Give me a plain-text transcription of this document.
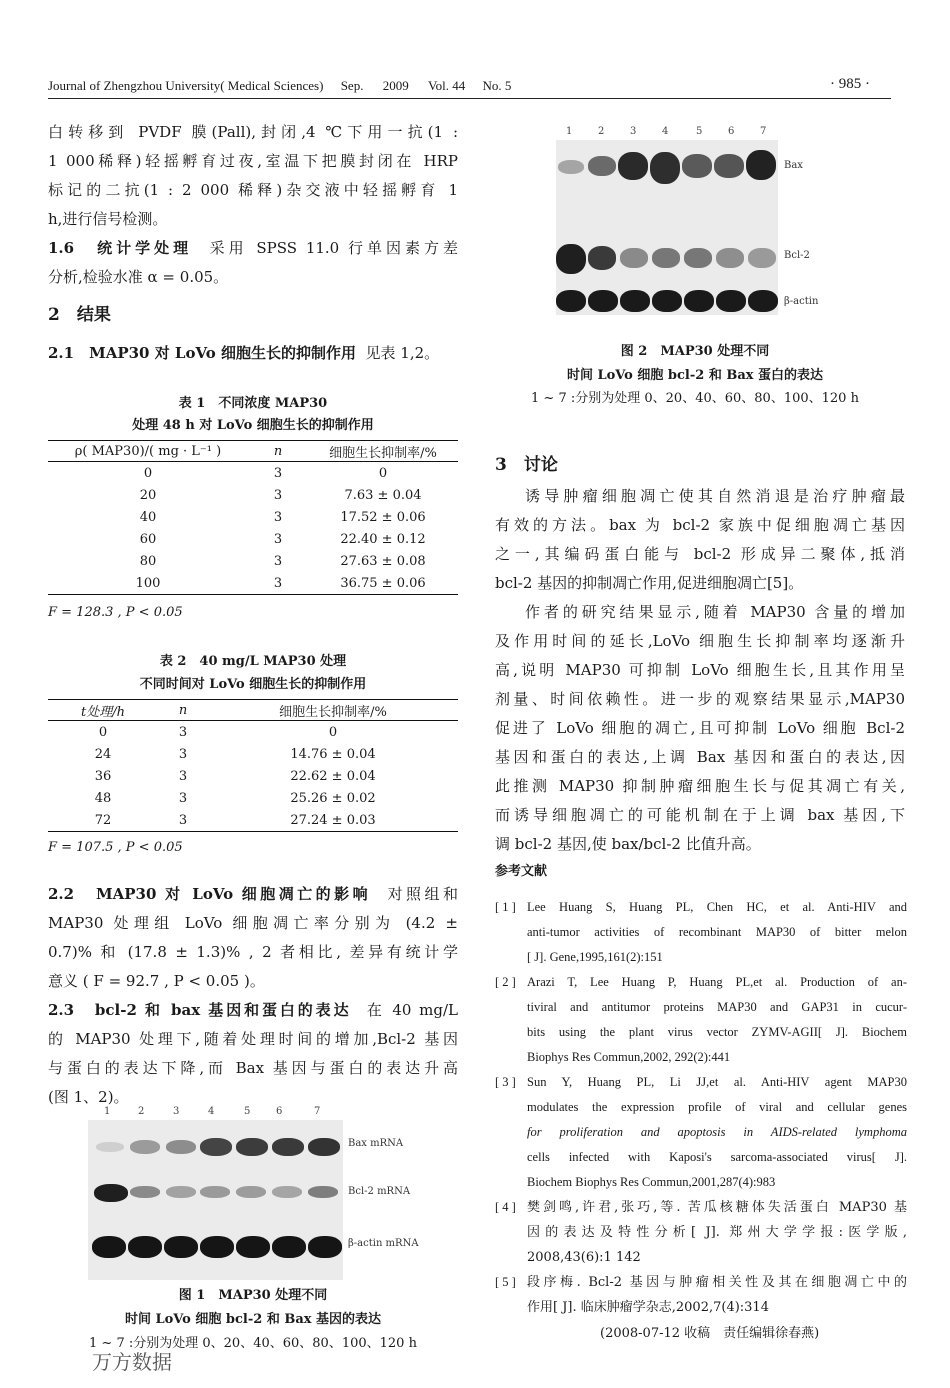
Journal of Zhengzhou University( Medical Sciences) Sep. 2009 Vol. 44 No. 5	· 985 ·
白转移到 PVDF 膜(Pall),封闭,4 ℃下用一抗(1 :
1 000稀释)轻摇孵育过夜,室温下把膜封闭在 HRP
标记的二抗(1 : 2 000 稀释)杂交液中轻摇孵育 1
h,进行信号检测。
1.6　统计学处理 采用 SPSS 11.0 行单因素方差
分析,检验水准 α = 0.05。
2　结果
2.1　MAP30 对 LoVo 细胞生长的抑制作用 见表 1,2。
表 1　不同浓度 MAP30
处理 48 h 对 LoVo 细胞生长的抑制作用
ρ( MAP30)/( mg · L⁻¹ )	n	细胞生长抑制率/%
0	3	0
20	3	7.63 ± 0.04
40	3	17.52 ± 0.06
60	3	22.40 ± 0.12
80	3	27.63 ± 0.08
100	3	36.75 ± 0.06
F = 128.3 , P < 0.05
表 2　40 mg/L MAP30 处理
不同时间对 LoVo 细胞生长的抑制作用
t处理/h	n	细胞生长抑制率/%
0	3	0
24	3	14.76 ± 0.04
36	3	22.62 ± 0.04
48	3	25.26 ± 0.02
72	3	27.24 ± 0.03
F = 107.5 , P < 0.05
2.2　MAP30 对 LoVo 细胞凋亡的影响 对照组和
MAP30 处理组 LoVo 细胞凋亡率分别为 (4.2 ±
0.7)% 和 (17.8 ± 1.3)% , 2 者相比, 差异有统计学
意义 ( F = 92.7 , P < 0.05 )。
2.3　bcl-2 和 bax 基因和蛋白的表达 在 40 mg/L
的 MAP30 处理下,随着处理时间的增加,Bcl-2 基因
与蛋白的表达下降,而 Bax 基因与蛋白的表达升高
(图 1、2)。
1	2	3	4	5	6	7
Bax mRNA
Bcl-2 mRNA
β-actin mRNA
图 1　MAP30 处理不同
时间 LoVo 细胞 bcl-2 和 Bax 基因的表达
1 ~ 7 :分别为处理 0、20、40、60、80、100、120 h
万方数据
1	2	3	4	5	6	7
Bax
Bcl-2
β-actin
图 2　MAP30 处理不同
时间 LoVo 细胞 bcl-2 和 Bax 蛋白的表达
1 ~ 7 :分别为处理 0、20、40、60、80、100、120 h
3　讨论
诱导肿瘤细胞凋亡使其自然消退是治疗肿瘤最
有效的方法。bax 为 bcl-2 家族中促细胞凋亡基因
之一,其编码蛋白能与 bcl-2 形成异二聚体,抵消
bcl-2 基因的抑制凋亡作用,促进细胞凋亡[5]。
作者的研究结果显示,随着 MAP30 含量的增加
及作用时间的延长,LoVo 细胞生长抑制率均逐渐升
高,说明 MAP30 可抑制 LoVo 细胞生长,且其作用呈
剂量、时间依赖性。进一步的观察结果显示,MAP30
促进了 LoVo 细胞的凋亡,且可抑制 LoVo 细胞 Bcl-2
基因和蛋白的表达,上调 Bax 基因和蛋白的表达,因
此推测 MAP30 抑制肿瘤细胞生长与促其凋亡有关,
而诱导细胞凋亡的可能机制在于上调 bax 基因,下
调 bcl-2 基因,使 bax/bcl-2 比值升高。
参考文献
[ 1 ] Lee Huang S, Huang PL, Chen HC, et al. Anti-HIV and
anti-tumor activities of recombinant MAP30 of bitter melon
[ J]. Gene,1995,161(2):151
[ 2 ] Arazi T, Lee Huang P, Huang PL,et al. Production of an-
tiviral and antitumor proteins MAP30 and GAP31 in cucur-
bits using the plant virus vector ZYMV-AGII[ J]. Biochem
Biophys Res Commun,2002, 292(2):441
[ 3 ] Sun Y, Huang PL, Li JJ,et al. Anti-HIV agent MAP30
modulates the expression profile of viral and cellular genes
for proliferation and apoptosis in AIDS-related lymphoma
cells infected with Kaposi's sarcoma-associated virus[ J].
Biochem Biophys Res Commun,2001,287(4):983
[ 4 ] 樊剑鸣,许君,张巧,等. 苦瓜核糖体失活蛋白 MAP30 基
因的表达及特性分析[ J]. 郑州大学学报:医学版,
2008,43(6):1 142
[ 5 ] 段序梅. Bcl-2 基因与肿瘤相关性及其在细胞凋亡中的
作用[ J]. 临床肿瘤学杂志,2002,7(4):314
(2008-07-12 收稿　责任编辑徐春燕)
